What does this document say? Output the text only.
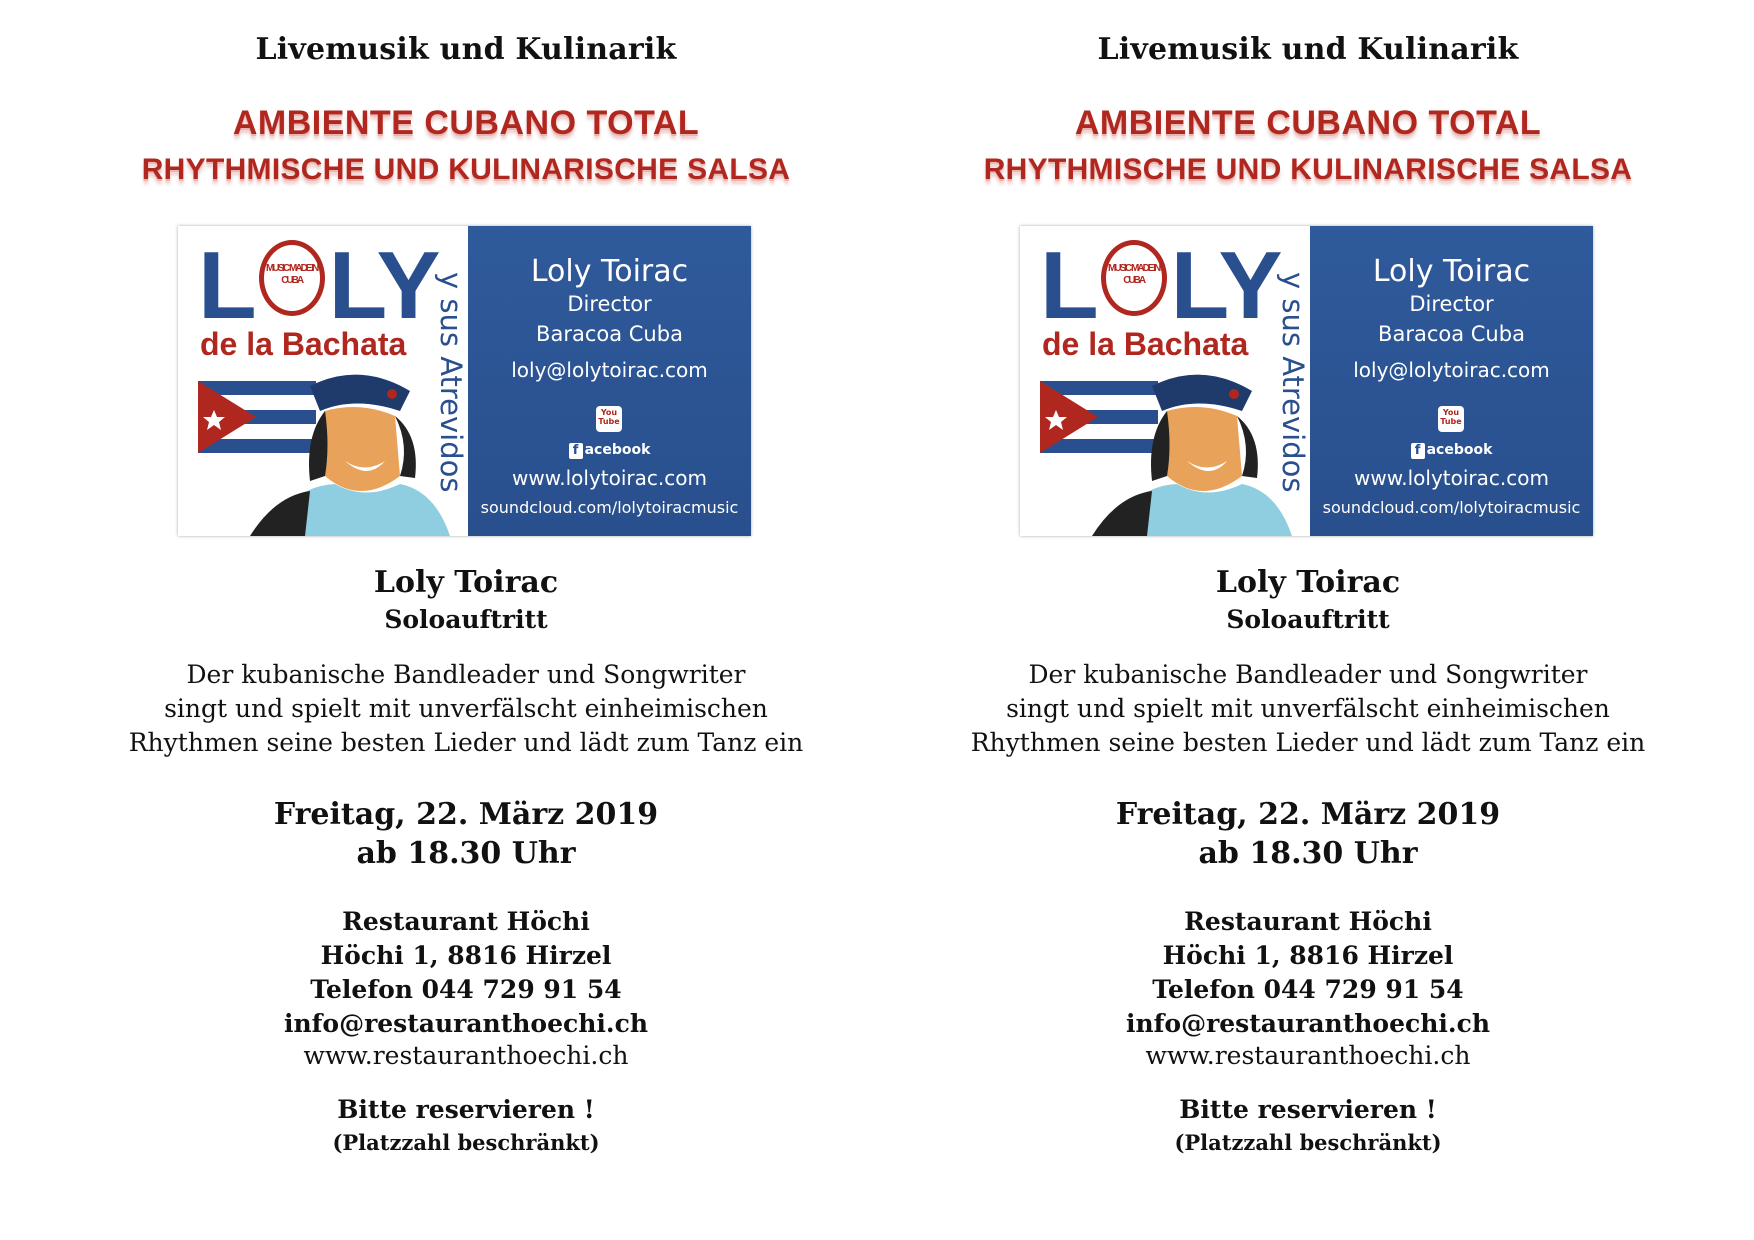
Livemusik und Kulinarik
AMBIENTE CUBANO TOTAL
RHYTHMISCHE UND KULINARISCHE SALSA
L MUSIC MADE IN CUBA LY
de la Bachata y sus Atrevidos
Loly Toirac
Director
Baracoa Cuba
loly@lolytoirac.com
You Tube
f acebook
www.lolytoirac.com
soundcloud.com/lolytoiracmusic
Loly Toirac
Soloauftritt
Der kubanische Bandleader und Songwriter
singt und spielt mit unverfälscht einheimischen
Rhythmen seine besten Lieder und lädt zum Tanz ein
Freitag, 22. März 2019
ab 18.30 Uhr
Restaurant Höchi
Höchi 1, 8816 Hirzel
Telefon 044 729 91 54
info@restauranthoechi.ch
www.restauranthoechi.ch
Bitte reservieren !
(Platzzahl beschränkt)
Livemusik und Kulinarik
AMBIENTE CUBANO TOTAL
RHYTHMISCHE UND KULINARISCHE SALSA
L MUSIC MADE IN CUBA LY
de la Bachata y sus Atrevidos
Loly Toirac
Director
Baracoa Cuba
loly@lolytoirac.com
You Tube
f acebook
www.lolytoirac.com
soundcloud.com/lolytoiracmusic
Loly Toirac
Soloauftritt
Der kubanische Bandleader und Songwriter
singt und spielt mit unverfälscht einheimischen
Rhythmen seine besten Lieder und lädt zum Tanz ein
Freitag, 22. März 2019
ab 18.30 Uhr
Restaurant Höchi
Höchi 1, 8816 Hirzel
Telefon 044 729 91 54
info@restauranthoechi.ch
www.restauranthoechi.ch
Bitte reservieren !
(Platzzahl beschränkt)
